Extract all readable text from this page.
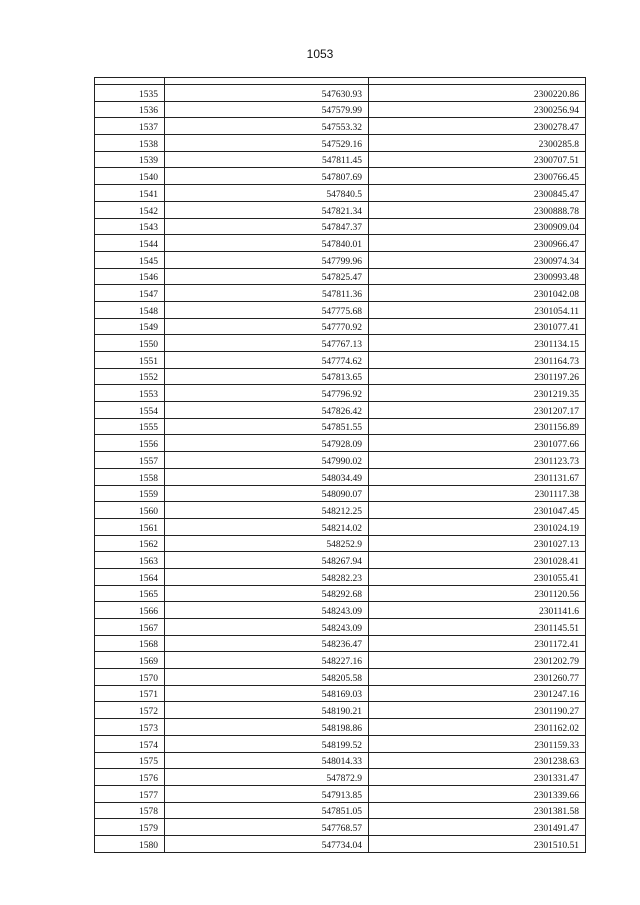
1053

1535	547630.93	2300220.86
1536	547579.99	2300256.94
1537	547553.32	2300278.47
1538	547529.16	2300285.8
1539	547811.45	2300707.51
1540	547807.69	2300766.45
1541	547840.5	2300845.47
1542	547821.34	2300888.78
1543	547847.37	2300909.04
1544	547840.01	2300966.47
1545	547799.96	2300974.34
1546	547825.47	2300993.48
1547	547811.36	2301042.08
1548	547775.68	2301054.11
1549	547770.92	2301077.41
1550	547767.13	2301134.15
1551	547774.62	2301164.73
1552	547813.65	2301197.26
1553	547796.92	2301219.35
1554	547826.42	2301207.17
1555	547851.55	2301156.89
1556	547928.09	2301077.66
1557	547990.02	2301123.73
1558	548034.49	2301131.67
1559	548090.07	2301117.38
1560	548212.25	2301047.45
1561	548214.02	2301024.19
1562	548252.9	2301027.13
1563	548267.94	2301028.41
1564	548282.23	2301055.41
1565	548292.68	2301120.56
1566	548243.09	2301141.6
1567	548243.09	2301145.51
1568	548236.47	2301172.41
1569	548227.16	2301202.79
1570	548205.58	2301260.77
1571	548169.03	2301247.16
1572	548190.21	2301190.27
1573	548198.86	2301162.02
1574	548199.52	2301159.33
1575	548014.33	2301238.63
1576	547872.9	2301331.47
1577	547913.85	2301339.66
1578	547851.05	2301381.58
1579	547768.57	2301491.47
1580	547734.04	2301510.51
